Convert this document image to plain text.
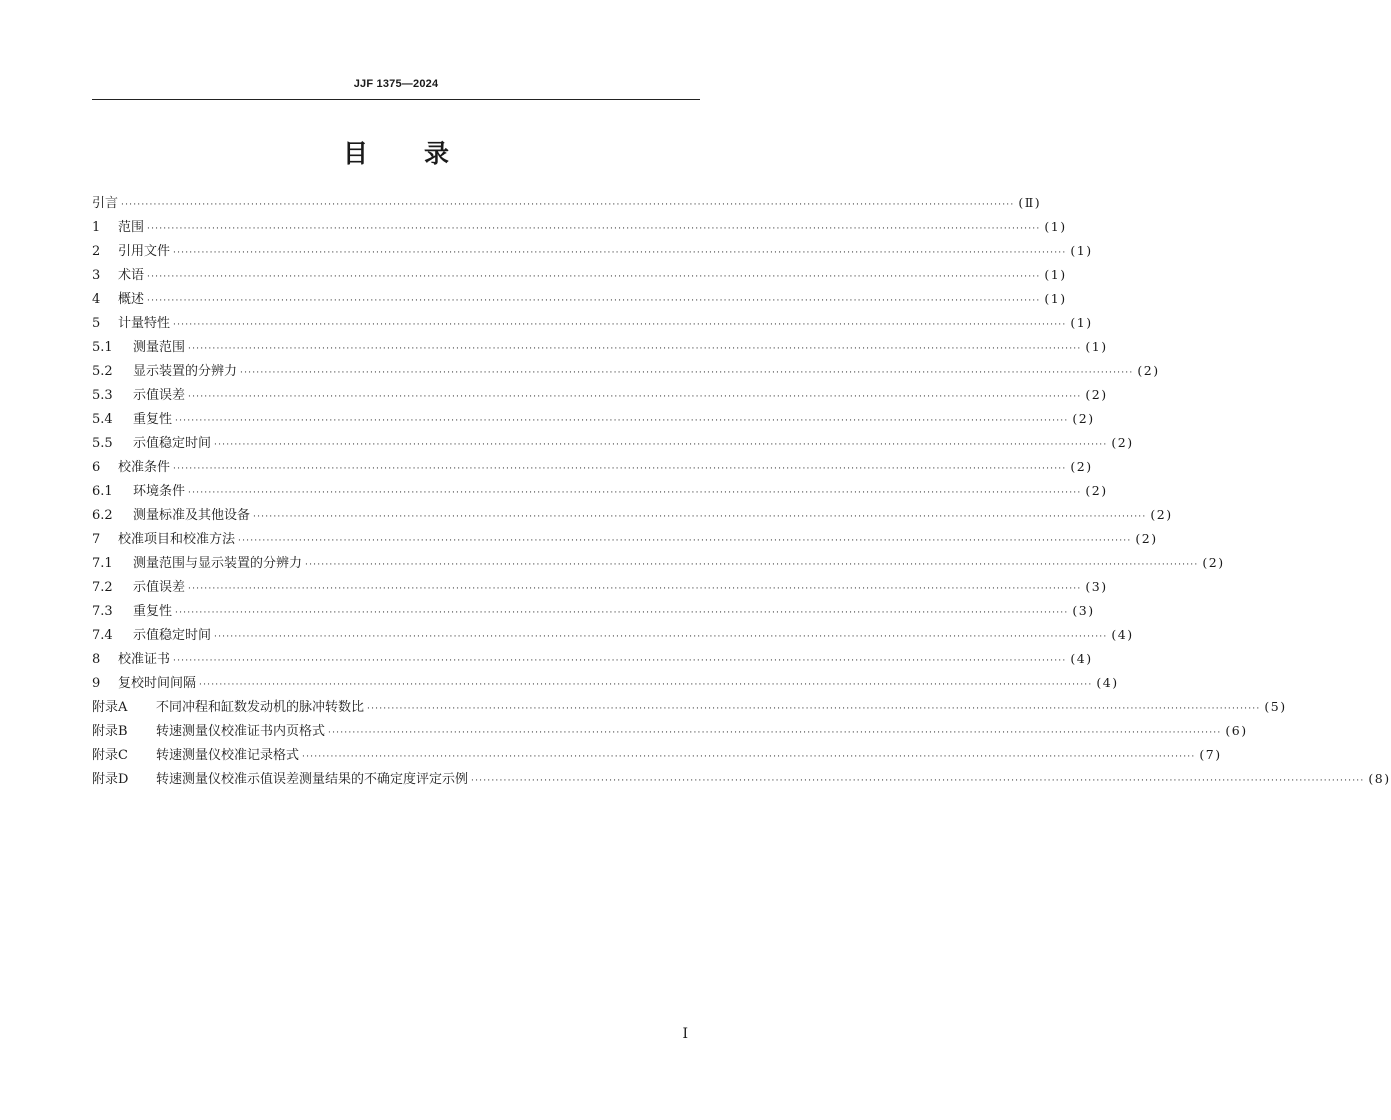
JJF 1375—2024
目录
引言 ···························································································································································································································· (Ⅱ)
1 范围 ···························································································································································································································· (1)
2 引用文件 ···························································································································································································································· (1)
3 术语 ···························································································································································································································· (1)
4 概述 ···························································································································································································································· (1)
5 计量特性 ···························································································································································································································· (1)
5.1 测量范围 ···························································································································································································································· (1)
5.2 显示装置的分辨力 ···························································································································································································································· (2)
5.3 示值误差 ···························································································································································································································· (2)
5.4 重复性 ···························································································································································································································· (2)
5.5 示值稳定时间 ···························································································································································································································· (2)
6 校准条件 ···························································································································································································································· (2)
6.1 环境条件 ···························································································································································································································· (2)
6.2 测量标准及其他设备 ···························································································································································································································· (2)
7 校准项目和校准方法 ···························································································································································································································· (2)
7.1 测量范围与显示装置的分辨力 ···························································································································································································································· (2)
7.2 示值误差 ···························································································································································································································· (3)
7.3 重复性 ···························································································································································································································· (3)
7.4 示值稳定时间 ···························································································································································································································· (4)
8 校准证书 ···························································································································································································································· (4)
9 复校时间间隔 ···························································································································································································································· (4)
附录A 不同冲程和缸数发动机的脉冲转数比 ···························································································································································································································· (5)
附录B 转速测量仪校准证书内页格式 ···························································································································································································································· (6)
附录C 转速测量仪校准记录格式 ···························································································································································································································· (7)
附录D 转速测量仪校准示值误差测量结果的不确定度评定示例 ···························································································································································································································· (8)
I
